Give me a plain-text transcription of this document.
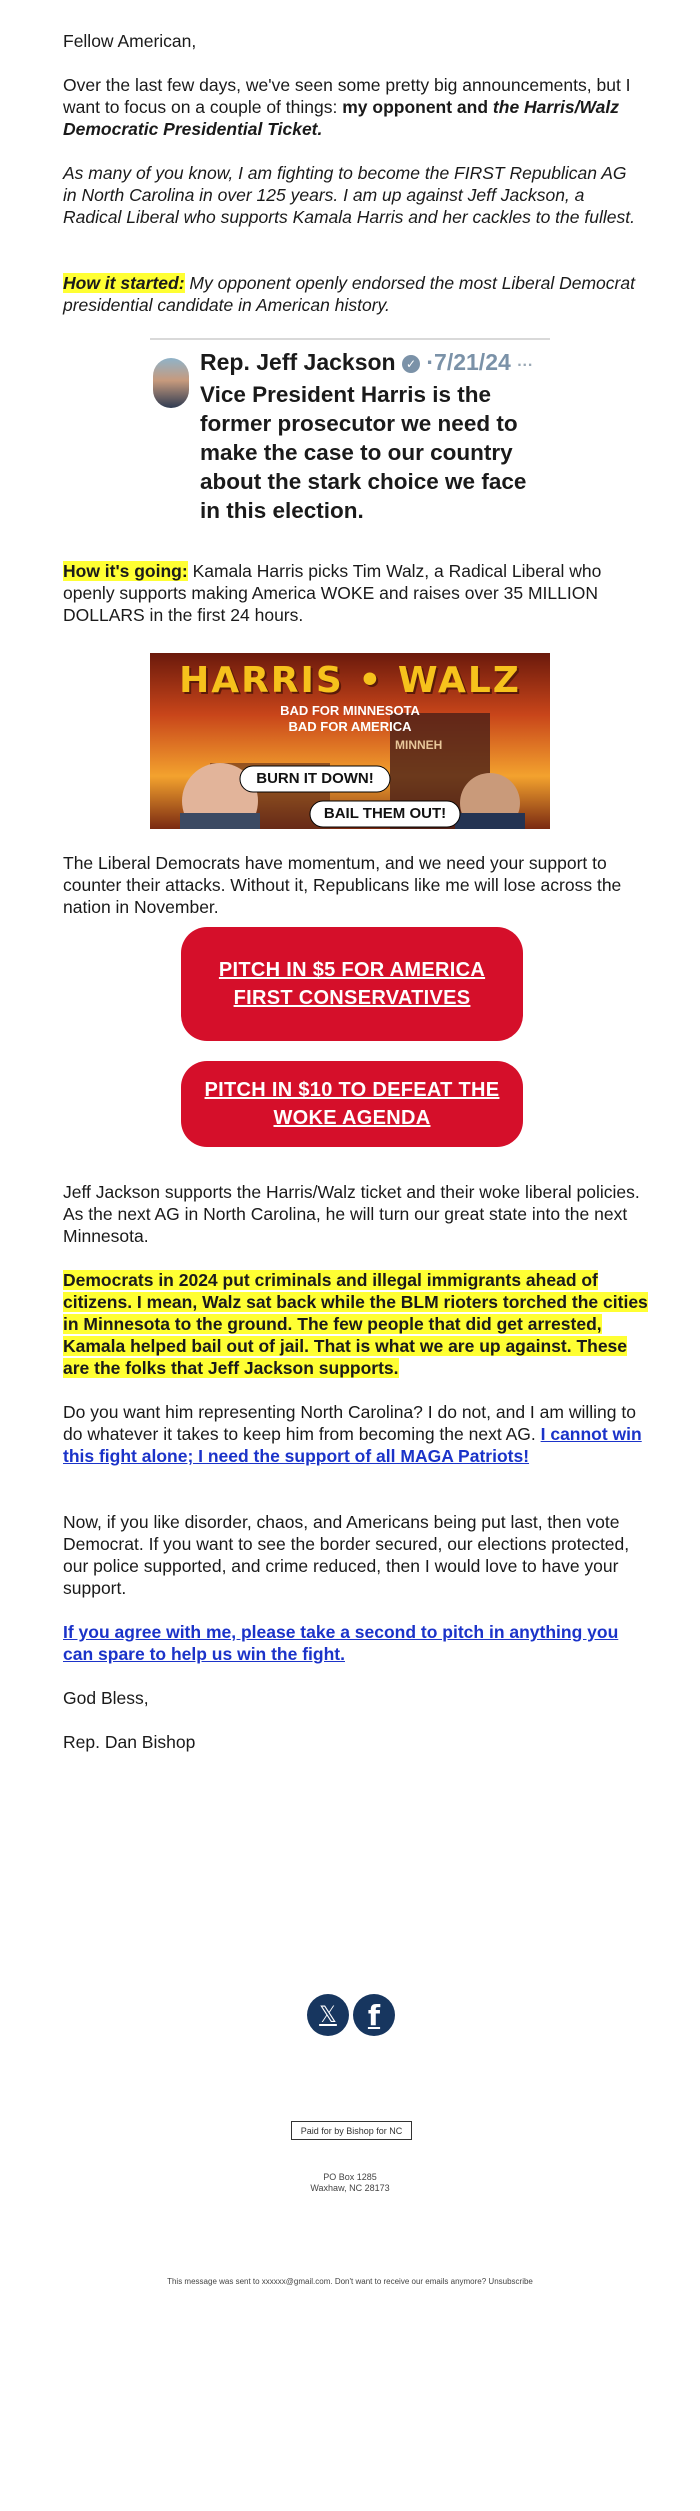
Fellow American,

Over the last few days, we've seen some pretty big announcements, but I want to focus on a couple of things: my opponent and the Harris/Walz Democratic Presidential Ticket.

As many of you know, I am fighting to become the FIRST Republican AG in North Carolina in over 125 years. I am up against Jeff Jackson, a Radical Liberal who supports Kamala Harris and her cackles to the fullest.

How it started: My opponent openly endorsed the most Liberal Democrat presidential candidate in American history.

How it's going: Kamala Harris picks Tim Walz, a Radical Liberal who openly supports making America WOKE and raises over 35 MILLION DOLLARS in the first 24 hours.

The Liberal Democrats have momentum, and we need your support to counter their attacks. Without it, Republicans like me will lose across the nation in November.

Jeff Jackson supports the Harris/Walz ticket and their woke liberal policies. As the next AG in North Carolina, he will turn our great state into the next Minnesota.

Democrats in 2024 put criminals and illegal immigrants ahead of citizens. I mean, Walz sat back while the BLM rioters torched the cities in Minnesota to the ground. The few people that did get arrested, Kamala helped bail out of jail. That is what we are up against. These are the folks that Jeff Jackson supports.

Do you want him representing North Carolina? I do not, and I am willing to do whatever it takes to keep him from becoming the next AG. I cannot win this fight alone; I need the support of all MAGA Patriots!

Now, if you like disorder, chaos, and Americans being put last, then vote Democrat. If you want to see the border secured, our elections protected, our police supported, and crime reduced, then I would love to have your support.

If you agree with me, please take a second to pitch in anything you can spare to help us win the fight.

God Bless,

Rep. Dan Bishop

Rep. Jeff Jackson ✓ ·7/21/24 ···
Vice President Harris is the former prosecutor we need to make the case to our country about the stark choice we face in this election.
HARRIS • WALZ
BAD FOR MINNESOTA
BAD FOR AMERICA
MINNEH
BURN IT DOWN!
BAIL THEM OUT!
PITCH IN $5 FOR AMERICA FIRST CONSERVATIVES
PITCH IN $10 TO DEFEAT THE WOKE AGENDA
𝕏 f
Paid for by Bishop for NC
PO Box 1285
Waxhaw, NC 28173
This message was sent to xxxxxx@gmail.com. Don't want to receive our emails anymore? Unsubscribe
